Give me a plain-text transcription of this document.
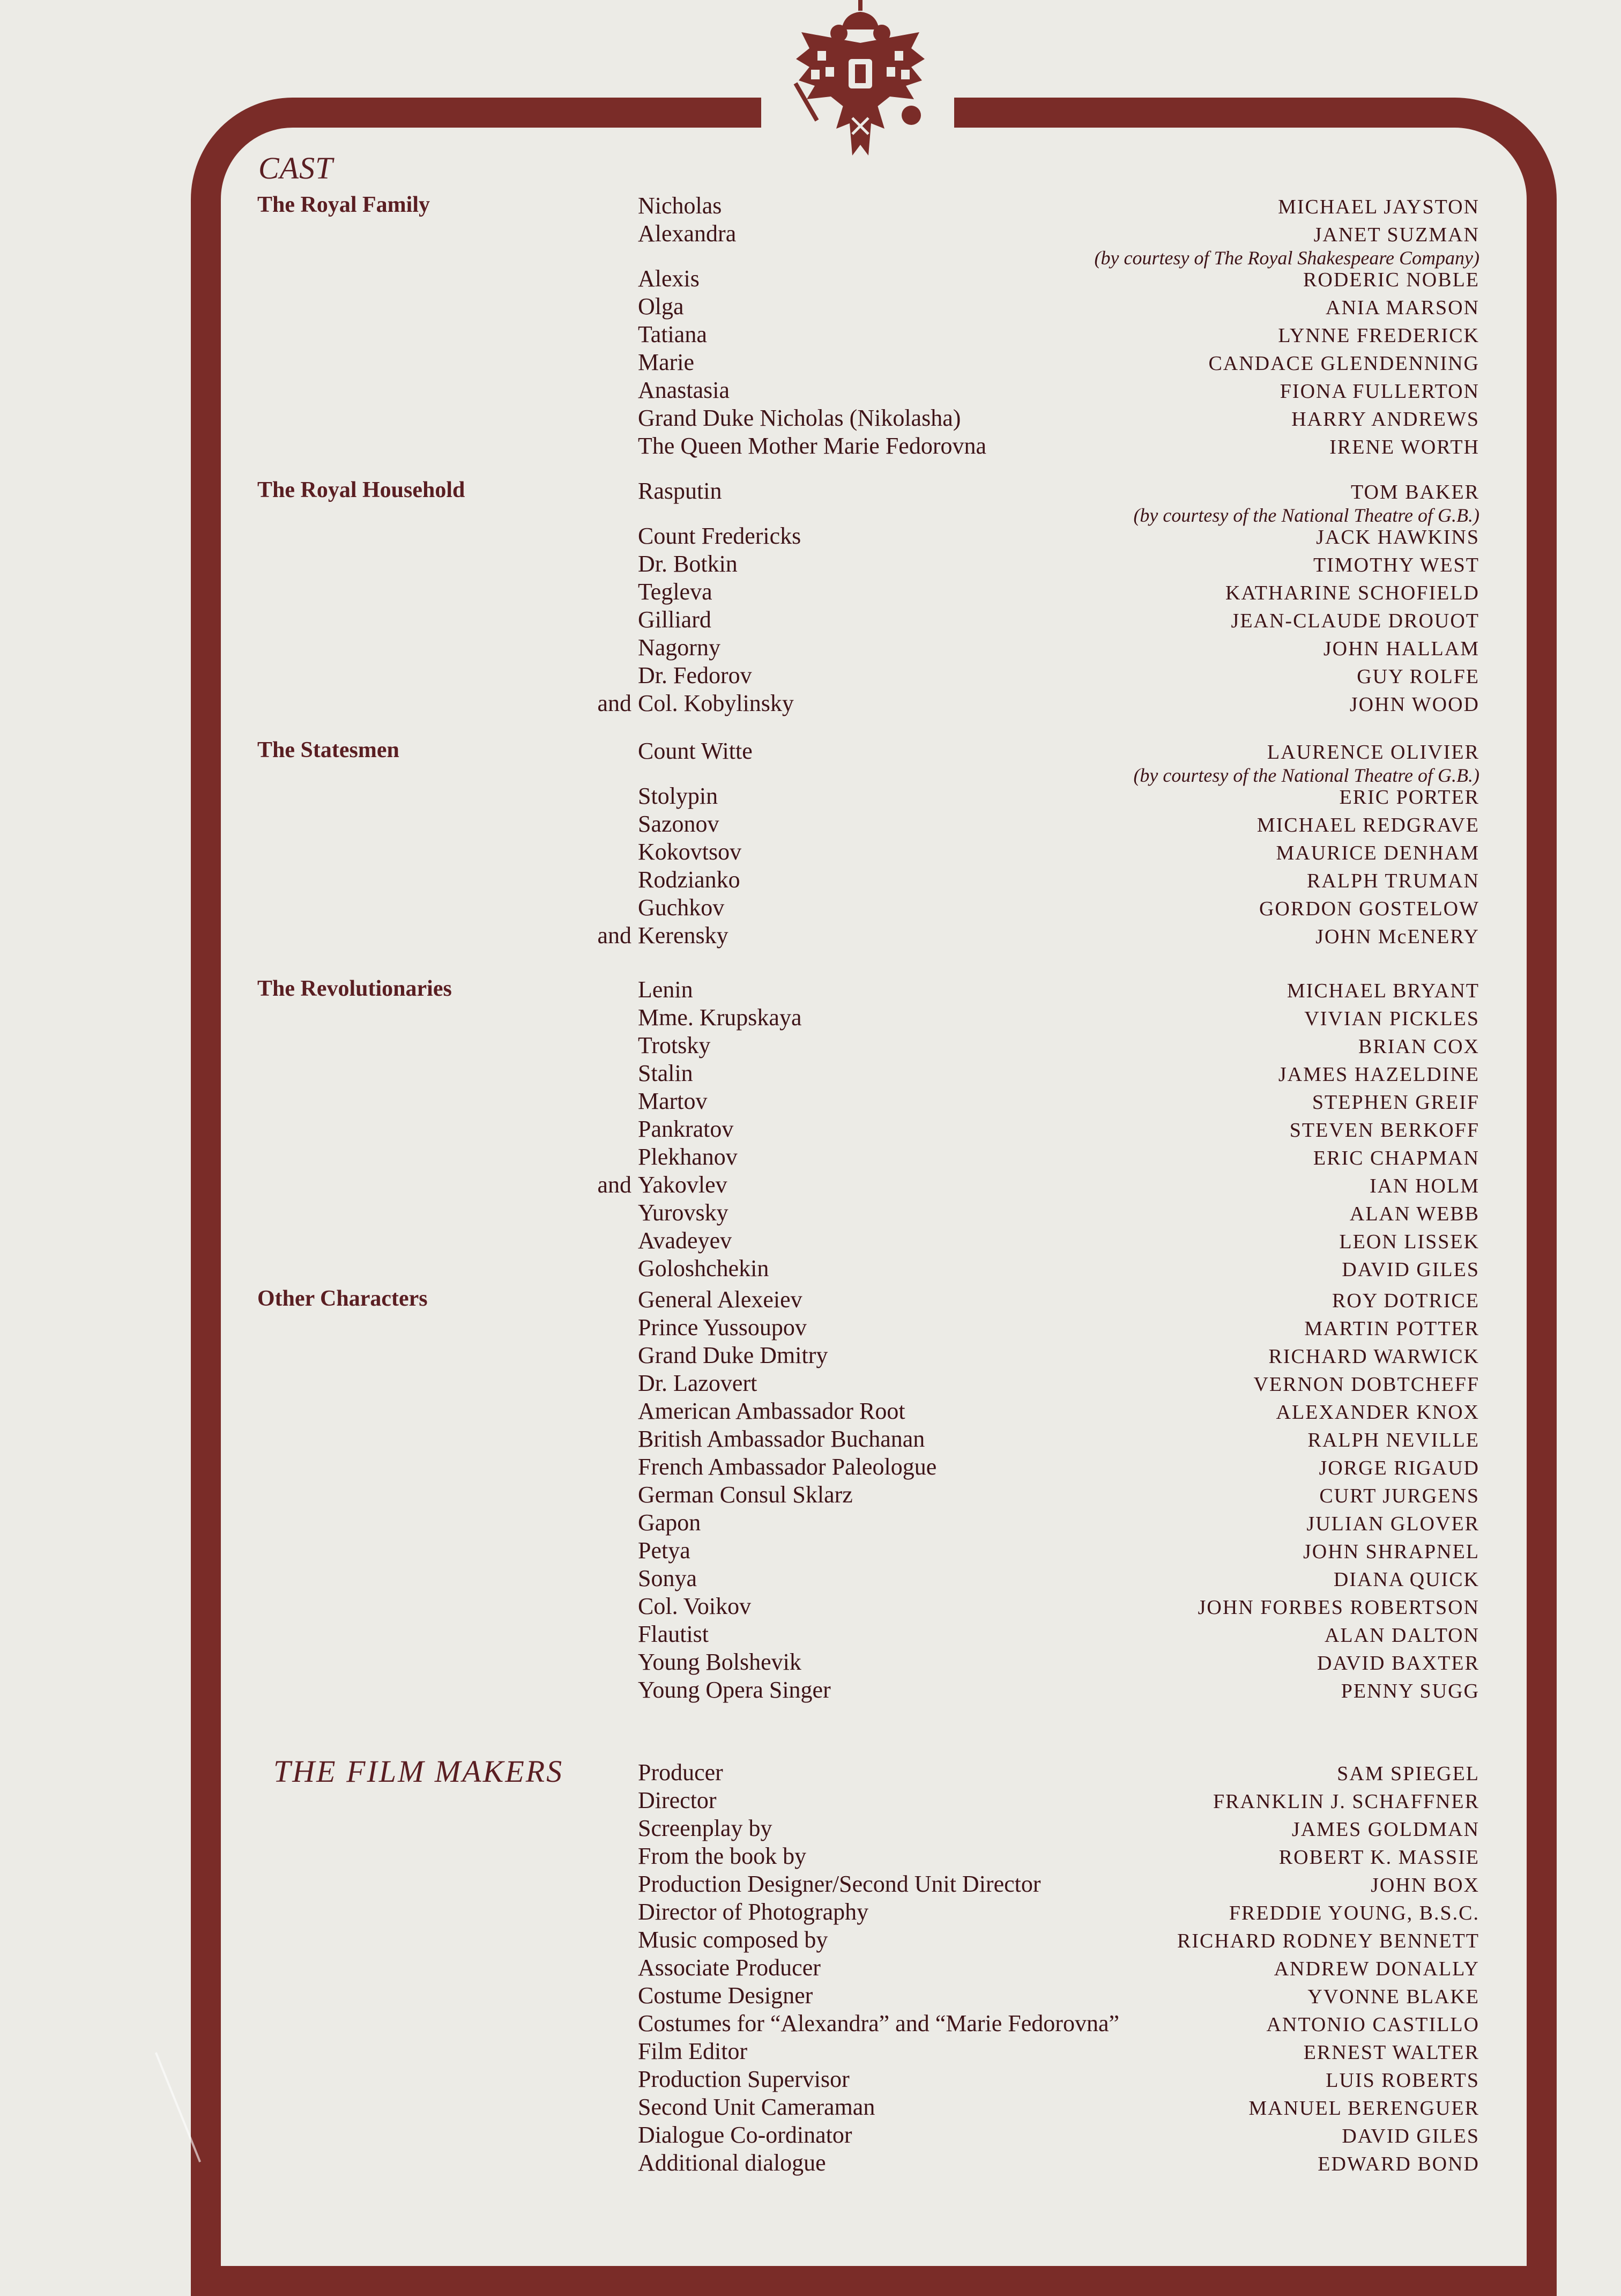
CAST
The Royal Family	Nicholas	MICHAEL JAYSTON
Alexandra	JANET SUZMAN
(by courtesy of The Royal Shakespeare Company)
Alexis	RODERIC NOBLE
Olga	ANIA MARSON
Tatiana	LYNNE FREDERICK
Marie	CANDACE GLENDENNING
Anastasia	FIONA FULLERTON
Grand Duke Nicholas (Nikolasha)	HARRY ANDREWS
The Queen Mother Marie Fedorovna	IRENE WORTH
The Royal Household	Rasputin	TOM BAKER
(by courtesy of the National Theatre of G.B.)
Count Fredericks	JACK HAWKINS
Dr. Botkin	TIMOTHY WEST
Tegleva	KATHARINE SCHOFIELD
Gilliard	JEAN-CLAUDE DROUOT
Nagorny	JOHN HALLAM
Dr. Fedorov	GUY ROLFE
and Col. Kobylinsky	JOHN WOOD
The Statesmen	Count Witte	LAURENCE OLIVIER
(by courtesy of the National Theatre of G.B.)
Stolypin	ERIC PORTER
Sazonov	MICHAEL REDGRAVE
Kokovtsov	MAURICE DENHAM
Rodzianko	RALPH TRUMAN
Guchkov	GORDON GOSTELOW
and Kerensky	JOHN McENERY
The Revolutionaries	Lenin	MICHAEL BRYANT
Mme. Krupskaya	VIVIAN PICKLES
Trotsky	BRIAN COX
Stalin	JAMES HAZELDINE
Martov	STEPHEN GREIF
Pankratov	STEVEN BERKOFF
Plekhanov	ERIC CHAPMAN
and Yakovlev	IAN HOLM
Yurovsky	ALAN WEBB
Avadeyev	LEON LISSEK
Goloshchekin	DAVID GILES
Other Characters	General Alexeiev	ROY DOTRICE
Prince Yussoupov	MARTIN POTTER
Grand Duke Dmitry	RICHARD WARWICK
Dr. Lazovert	VERNON DOBTCHEFF
American Ambassador Root	ALEXANDER KNOX
British Ambassador Buchanan	RALPH NEVILLE
French Ambassador Paleologue	JORGE RIGAUD
German Consul Sklarz	CURT JURGENS
Gapon	JULIAN GLOVER
Petya	JOHN SHRAPNEL
Sonya	DIANA QUICK
Col. Voikov	JOHN FORBES ROBERTSON
Flautist	ALAN DALTON
Young Bolshevik	DAVID BAXTER
Young Opera Singer	PENNY SUGG
THE FILM MAKERS	Producer	SAM SPIEGEL
Director	FRANKLIN J. SCHAFFNER
Screenplay by	JAMES GOLDMAN
From the book by	ROBERT K. MASSIE
Production Designer/Second Unit Director	JOHN BOX
Director of Photography	FREDDIE YOUNG, B.S.C.
Music composed by	RICHARD RODNEY BENNETT
Associate Producer	ANDREW DONALLY
Costume Designer	YVONNE BLAKE
Costumes for “Alexandra” and “Marie Fedorovna”	ANTONIO CASTILLO
Film Editor	ERNEST WALTER
Production Supervisor	LUIS ROBERTS
Second Unit Cameraman	MANUEL BERENGUER
Dialogue Co-ordinator	DAVID GILES
Additional dialogue	EDWARD BOND
